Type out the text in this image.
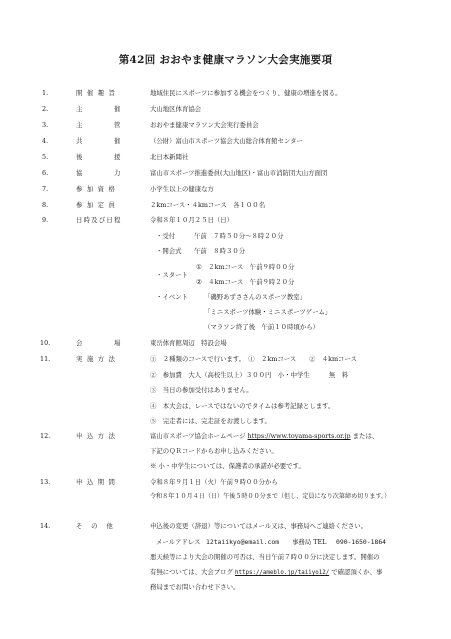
第42回 おおやま健康マラソン大会実施要項
1.	開 催 趣 旨	地域住民にスポーツに参加する機会をつくり、健康の増進を図る。
2.	主　　　　催	大山地区体育協会
3.	主　　　　管	おおやま健康マラソン大会実行委員会
4.	共　　　　催	（公財）富山市スポーツ協会大山総合体育館センター
5.	後　　　　援	北日本新聞社
6.	協　　　　力	富山市スポーツ推進委員(大山地区)・富山市消防団大山方面団
7.	参 加 資 格	小学生以上の健康な方
8.	参 加 定 員	２kmコース・４kmコース　各１００名
9.	日時及び日程	令和８年１０月２５日（日）
・受付	午前　７時５０分～８時２０分
・開会式 午前　８時３０分
①　２kmコース　午前９時００分
・スタート
②　４kmコース　午前９時２０分
・イベント	「磯野あずささんのスポーツ教室」
「ミニスポーツ体験・ミニスポーツゲーム」
（マラソン終了後　午前１０時頃から）
10.	会　　　　場	東岳体育館周辺　特設会場
11.	実 施 方 法	①　２種類のコースで行います。　①　２kmコース　　②　４kmコース
②　参加費　大人（高校生以上）３００円　小・中学生　　　無　料
③　当日の参加受付はありません。
④　本大会は、レースではないのでタイムは参考記録とします。
⑤　完走者には、完走証をお渡しします。
12.	申 込 方 法	富山市スポーツ協会ホームページ https://www.toyama-sports.or.jp または、
下記のＱＲコードからお申し込みください。
※ 小・中学生については、保護者の承諾が必要です。
13.	申 込 期 間	令和８年９月１日（火）午前９時００分から
令和８年１０月４日（日）午後５時００分まで（但し、定員になり次第締め切ります。）
14.	そ　の　他	申込後の変更（辞退）等についてはメール又は、事務局へご連絡ください。
メールアドレス 12taiikyo@email.com 事務局 TEL 090-1650-1864
悪天候等により大会の開催の可否は、当日午前７時００分に決定します。開催の
有無については、大会ブログ https://ameblo.jp/taiiyo12/ で確認頂くか、事
務局までお問い合わせ下さい。
